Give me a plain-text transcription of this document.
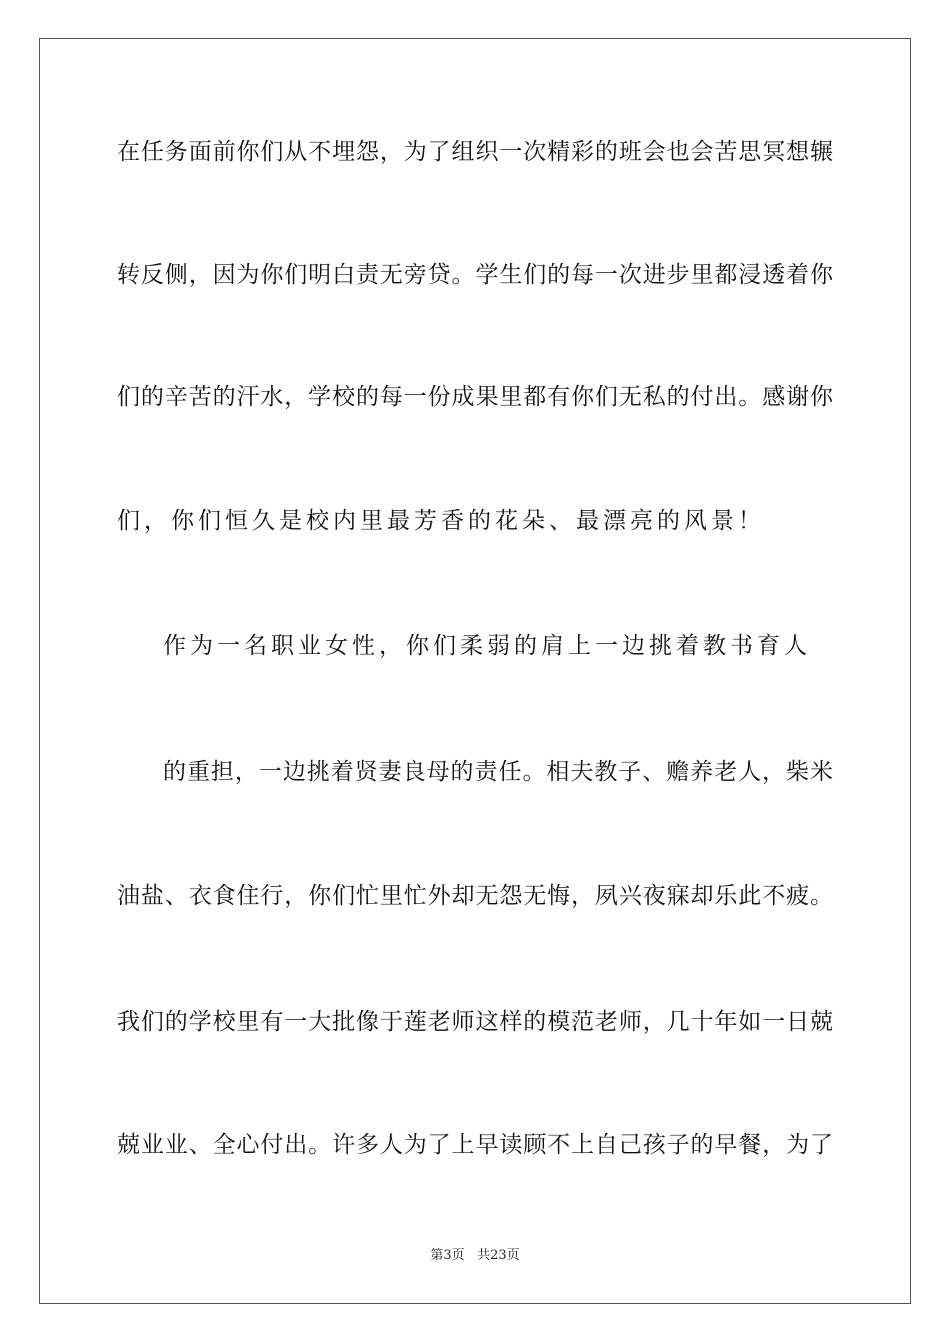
在任务面前你们从不埋怨，为了组织一次精彩的班会也会苦思冥想辗
转反侧，因为你们明白责无旁贷。学生们的每一次进步里都浸透着你
们的辛苦的汗水，学校的每一份成果里都有你们无私的付出。感谢你
们，你们恒久是校内里最芳香的花朵、最漂亮的风景！
作为一名职业女性，你们柔弱的肩上一边挑着教书育人
的重担，一边挑着贤妻良母的责任。相夫教子、赡养老人，柴米
油盐、衣食住行，你们忙里忙外却无怨无悔，夙兴夜寐却乐此不疲。
我们的学校里有一大批像于莲老师这样的模范老师，几十年如一日兢
兢业业、全心付出。许多人为了上早读顾不上自己孩子的早餐，为了
第3页 共23页
